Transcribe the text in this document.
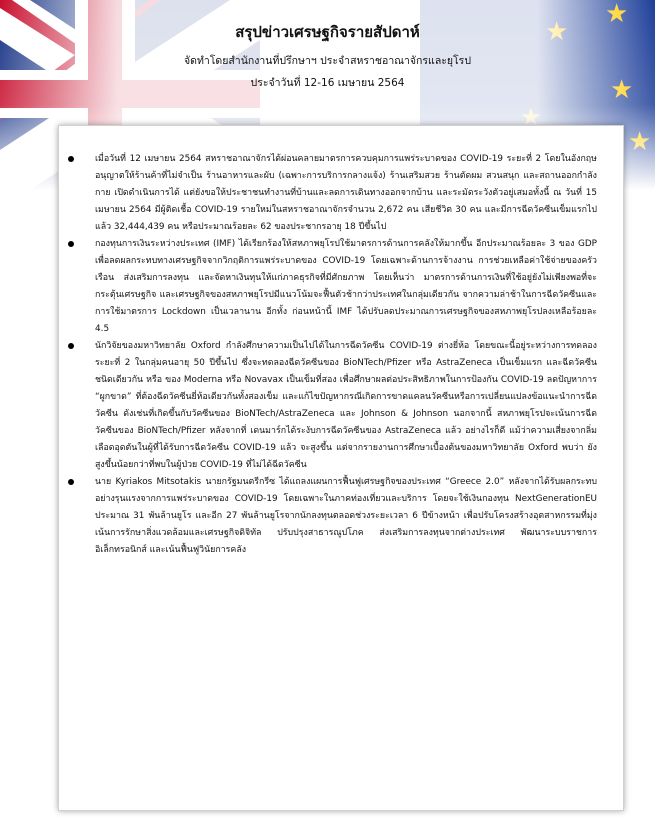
สรุปข่าวเศรษฐกิจรายสัปดาห์

จัดทำโดยสำนักงานที่ปรึกษาฯ ประจำสหราชอาณาจักรและยุโรป

ประจำวันที่ 12-16 เมษายน 2564

เมื่อวันที่ 12 เมษายน 2564 สหราชอาณาจักรได้ผ่อนคลายมาตรการควบคุมการแพร่ระบาดของ COVID-19 ระยะที่ 2 โดยในอังกฤษอนุญาตให้ร้านค้าที่ไม่จำเป็น ร้านอาหารและผับ (เฉพาะการบริการกลางแจ้ง) ร้านเสริมสวย ร้านตัดผม สวนสนุก และสถานออกกำลังกาย เปิดดำเนินการได้ แต่ยังขอให้ประชาชนทำงานที่บ้านและลดการเดินทางออกจากบ้าน และระมัดระวังตัวอยู่เสมอทั้งนี้ ณ วันที่ 15 เมษายน 2564 มีผู้ติดเชื้อ COVID-19 รายใหม่ในสหราชอาณาจักรจำนวน 2,672 คน เสียชีวิต 30 คน และมีการฉีดวัคซีนเข็มแรกไปแล้ว 32,444,439 คน หรือประมาณร้อยละ 62 ของประชากรอายุ 18 ปีขึ้นไป
กองทุนการเงินระหว่างประเทศ (IMF) ได้เรียกร้องให้สหภาพยุโรปใช้มาตรการด้านการคลังให้มากขึ้น อีกประมาณร้อยละ 3 ของ GDP เพื่อลดผลกระทบทางเศรษฐกิจจากวิกฤติการแพร่ระบาดของ COVID-19 โดยเฉพาะด้านการจ้างงาน การช่วยเหลือค่าใช้จ่ายของครัวเรือน ส่งเสริมการลงทุน และจัดหาเงินทุนให้แก่ภาคธุรกิจที่มีศักยภาพ โดยเห็นว่า มาตรการด้านการเงินที่ใช้อยู่ยังไม่เพียงพอที่จะกระตุ้นเศรษฐกิจ และเศรษฐกิจของสหภาพยุโรปมีแนวโน้มจะฟื้นตัวช้ากว่าประเทศในกลุ่มเดียวกัน จากความล่าช้าในการฉีดวัคซีนและการใช้มาตรการ Lockdown เป็นเวลานาน อีกทั้ง ก่อนหน้านี้ IMF ได้ปรับลดประมาณการเศรษฐกิจของสหภาพยุโรปลงเหลือร้อยละ 4.5
นักวิจัยของมหาวิทยาลัย Oxford กำลังศึกษาความเป็นไปได้ในการฉีดวัคซีน COVID-19 ต่างยี่ห้อ โดยขณะนี้อยู่ระหว่างการทดลองระยะที่ 2 ในกลุ่มคนอายุ 50 ปีขึ้นไป ซึ่งจะทดลองฉีดวัคซีนของ BioNTech/Pfizer หรือ AstraZeneca เป็นเข็มแรก และฉีดวัคซีนชนิดเดียวกัน หรือ ของ Moderna หรือ Novavax เป็นเข็มที่สอง เพื่อศึกษาผลต่อประสิทธิภาพในการป้องกัน COVID-19 ลดปัญหาการ “ผูกขาด” ที่ต้องฉีดวัคซีนยี่ห้อเดียวกันทั้งสองเข็ม และแก้ไขปัญหากรณีเกิดการขาดแคลนวัคซีนหรือการเปลี่ยนแปลงข้อแนะนำการฉีดวัคซีน ดังเช่นที่เกิดขึ้นกับวัคซีนของ BioNTech/AstraZeneca และ Johnson & Johnson นอกจากนี้ สหภาพยุโรปจะเน้นการฉีดวัคซีนของ BioNTech/Pfizer หลังจากที่ เดนมาร์กได้ระงับการฉีดวัคซีนของ AstraZeneca แล้ว อย่างไรก็ดี แม้ว่าความเสี่ยงจากลิ่มเลือดอุดตันในผู้ที่ได้รับการฉีดวัคซีน COVID-19 แล้ว จะสูงขึ้น แต่จากรายงานการศึกษาเบื้องต้นของมหาวิทยาลัย Oxford พบว่า ยังสูงขึ้นน้อยกว่าที่พบในผู้ป่วย COVID-19 ที่ไม่ได้ฉีดวัคซีน
นาย Kyriakos Mitsotakis นายกรัฐมนตรีกรีซ ได้แถลงแผนการฟื้นฟูเศรษฐกิจของประเทศ “Greece 2.0” หลังจากได้รับผลกระทบอย่างรุนแรงจากการแพร่ระบาดของ COVID-19 โดยเฉพาะในภาคท่องเที่ยวและบริการ โดยจะใช้เงินกองทุน NextGenerationEU ประมาณ 31 พันล้านยูโร และอีก 27 พันล้านยูโรจากนักลงทุนตลอดช่วงระยะเวลา 6 ปีข้างหน้า เพื่อปรับโครงสร้างอุตสาหกรรมที่มุ่งเน้นการรักษาสิ่งแวดล้อมและเศรษฐกิจดิจิทัล ปรับปรุงสาธารณูปโภค ส่งเสริมการลงทุนจากต่างประเทศ พัฒนาระบบราชการอิเล็กทรอนิกส์ และเน้นฟื้นฟูวินัยการคลัง
